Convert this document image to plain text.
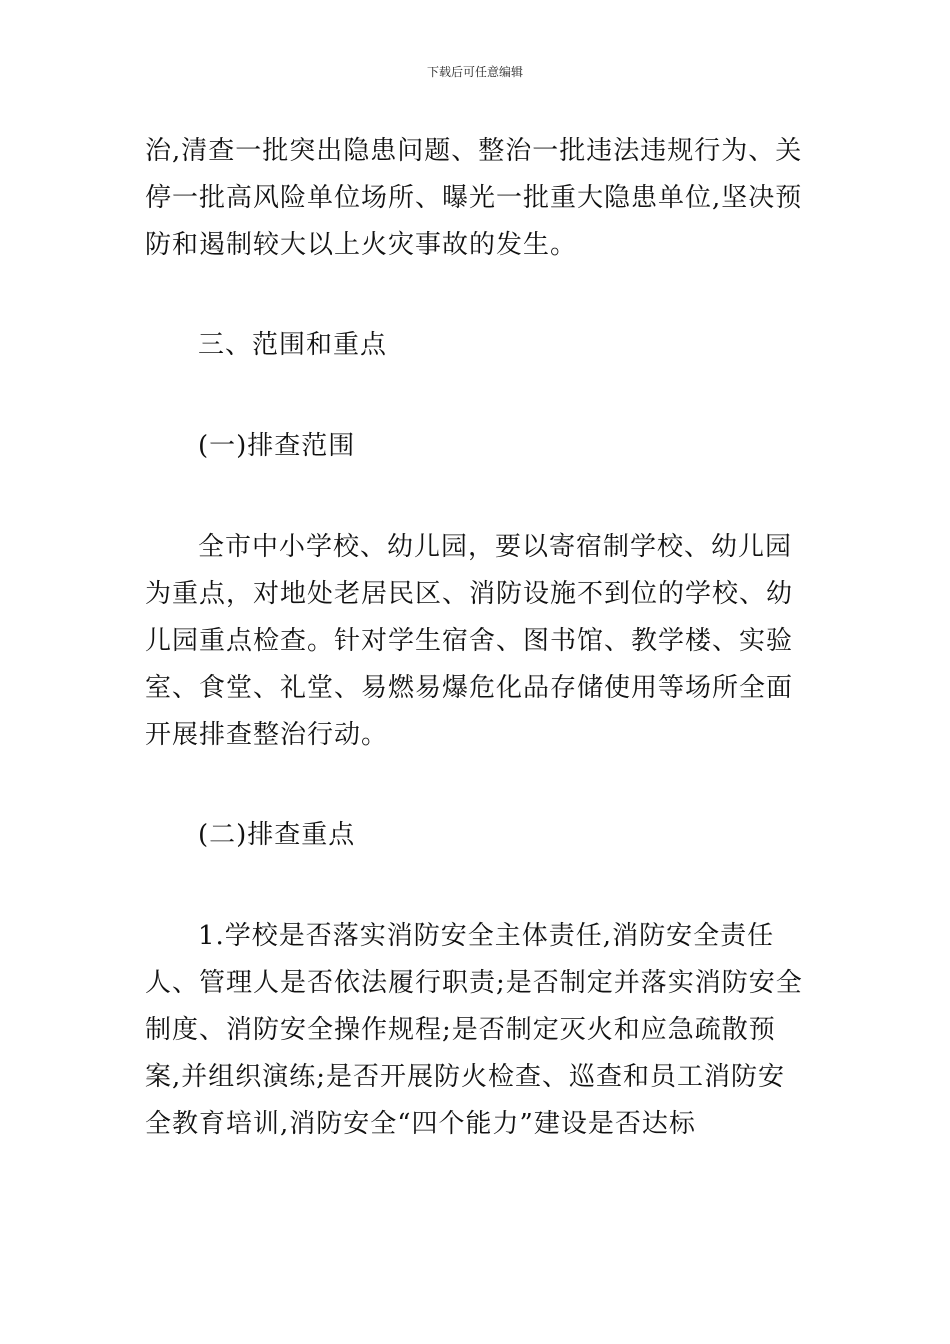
下载后可任意编辑

治,清查一批突出隐患问题、整治一批违法违规行为、关停一批高风险单位场所、曝光一批重大隐患单位,坚决预防和遏制较大以上火灾事故的发生。

三、范围和重点

(一)排查范围

全市中小学校、幼儿园，要以寄宿制学校、幼儿园为重点，对地处老居民区、消防设施不到位的学校、幼儿园重点检查。针对学生宿舍、图书馆、教学楼、实验室、食堂、礼堂、易燃易爆危化品存储使用等场所全面开展排查整治行动。

(二)排查重点

1.学校是否落实消防安全主体责任,消防安全责任人、管理人是否依法履行职责;是否制定并落实消防安全制度、消防安全操作规程;是否制定灭火和应急疏散预案,并组织演练;是否开展防火检查、巡查和员工消防安全教育培训,消防安全“四个能力”建设是否达标
